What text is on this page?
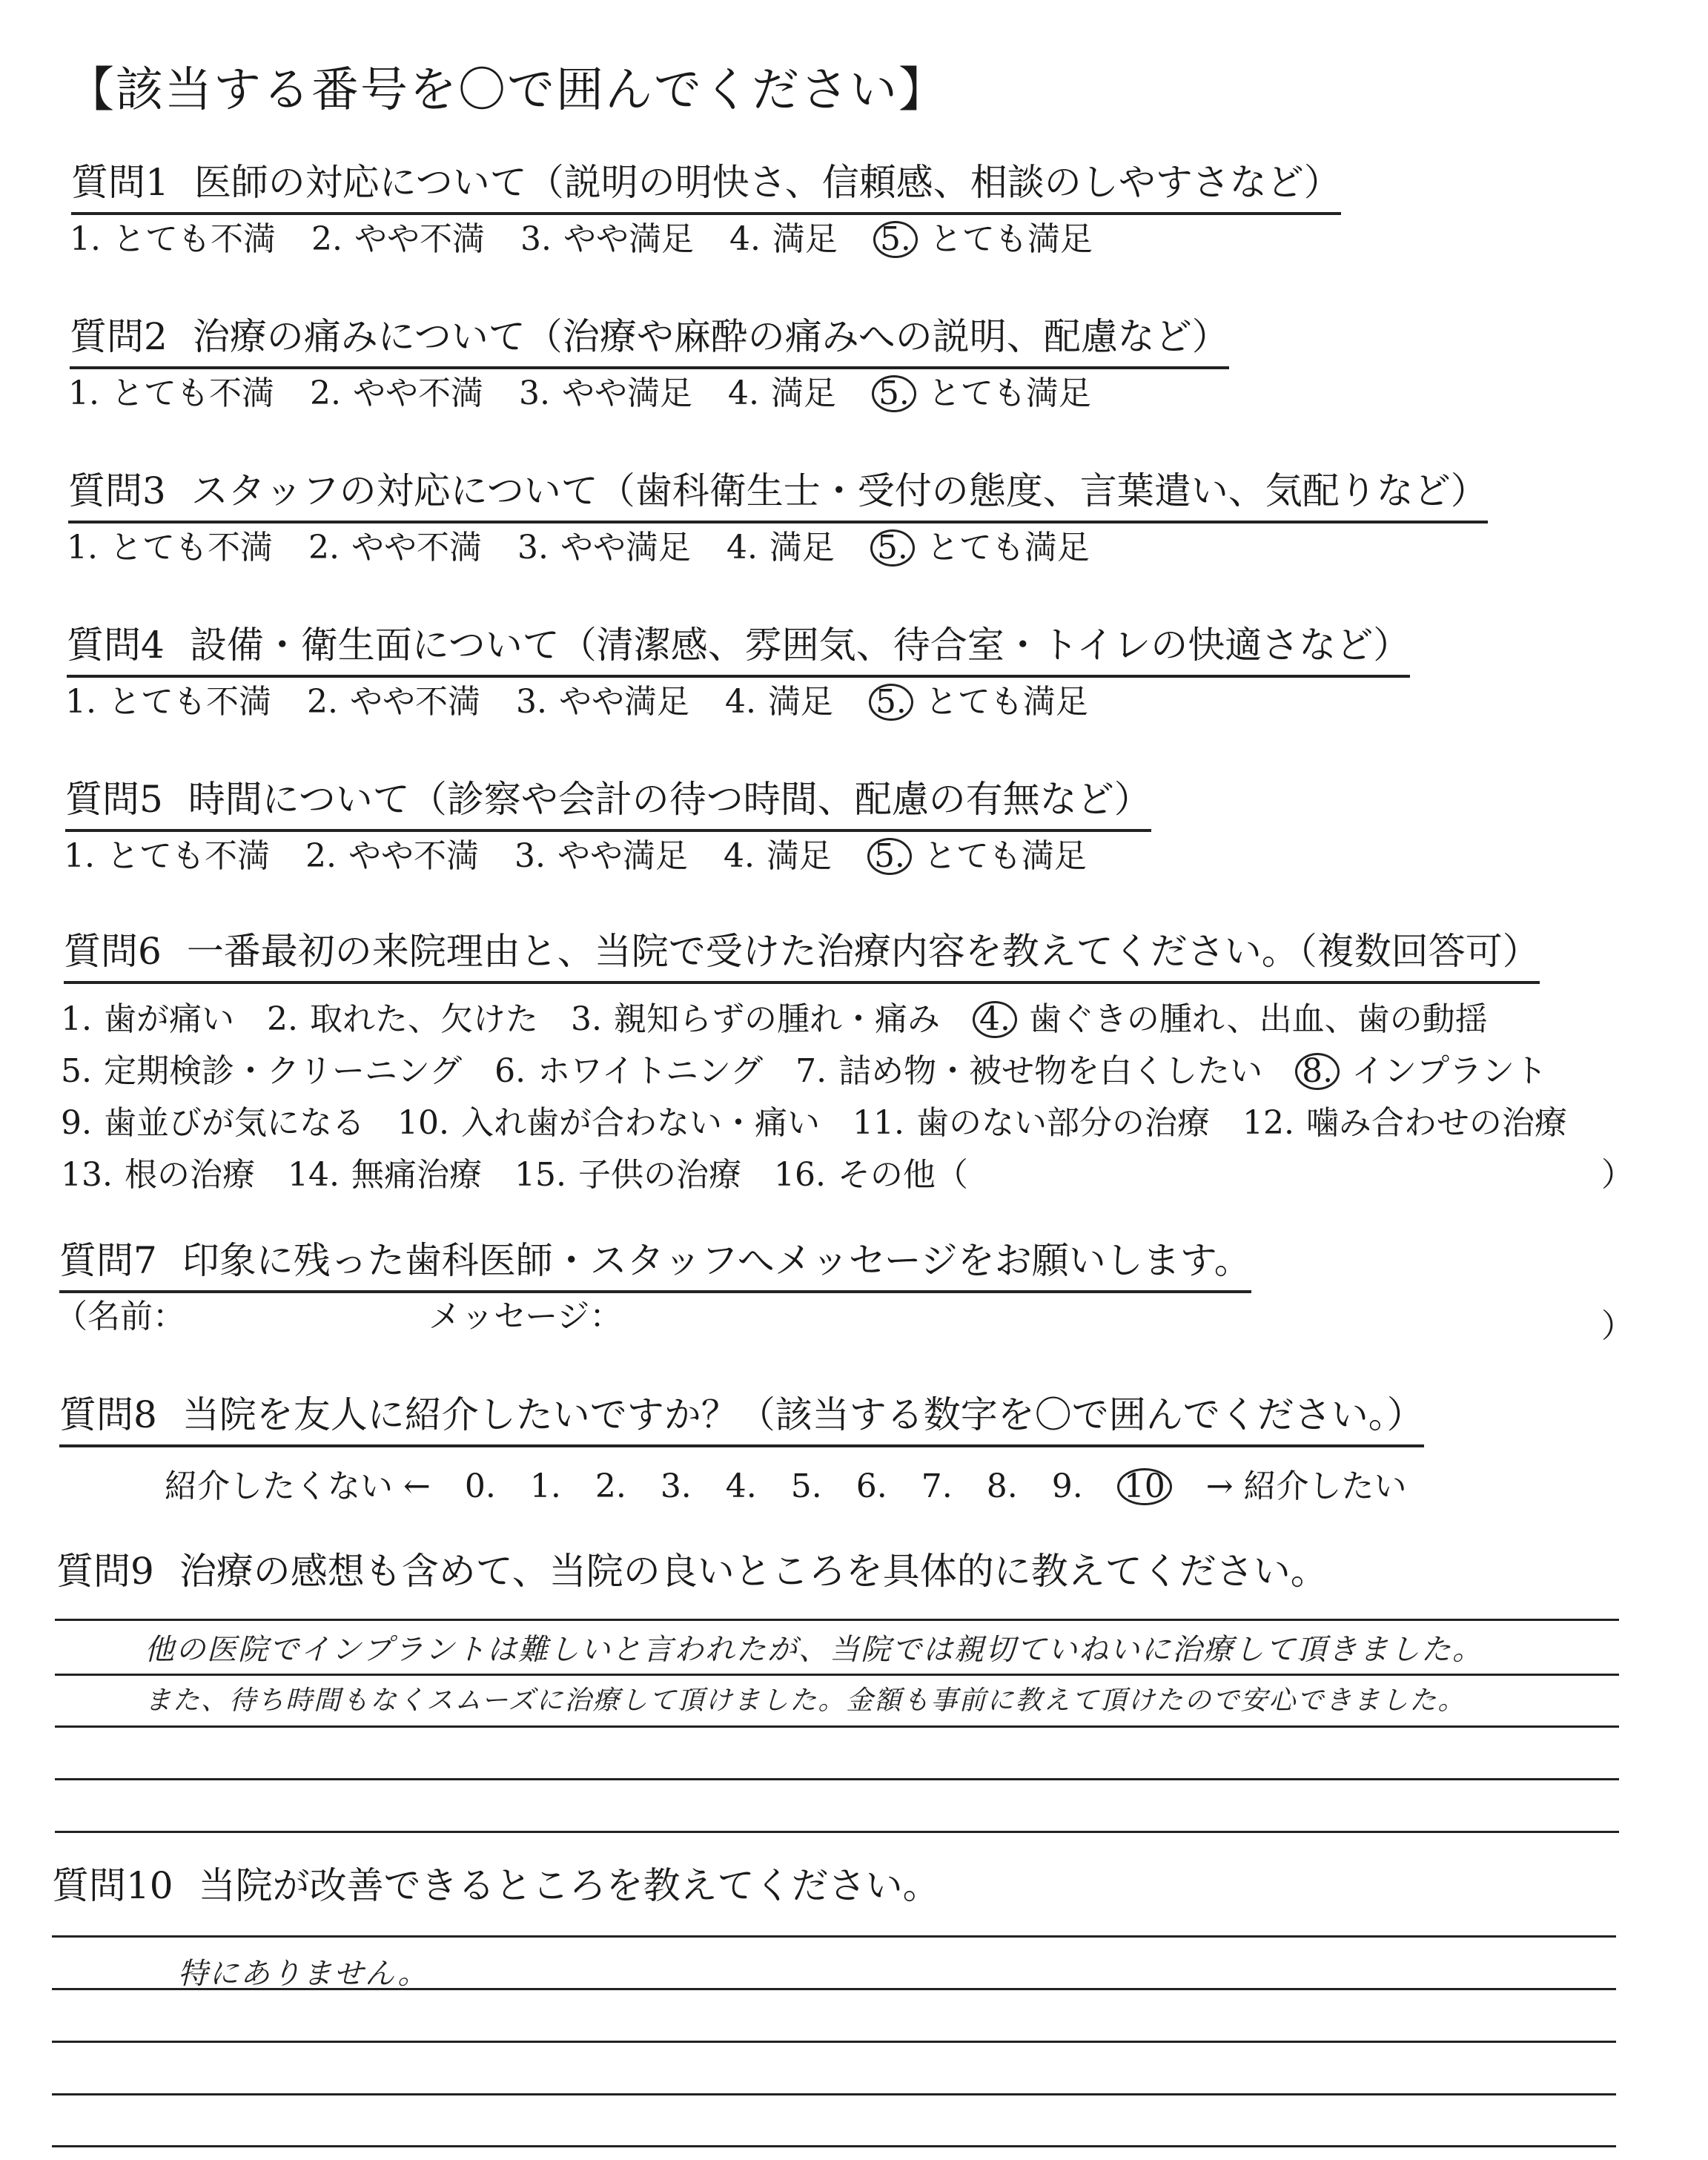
【該当する番号を〇で囲んでください】
質問1 医師の対応について（説明の明快さ、信頼感、相談のしやすさなど）
1. とても不満 2. やや不満 3. やや満足 4. 満足 5. とても満足
質問2 治療の痛みについて（治療や麻酔の痛みへの説明、配慮など）
1. とても不満 2. やや不満 3. やや満足 4. 満足 5. とても満足
質問3 スタッフの対応について（歯科衛生士・受付の態度、言葉遣い、気配りなど）
1. とても不満 2. やや不満 3. やや満足 4. 満足 5. とても満足
質問4 設備・衛生面について（清潔感、雰囲気、待合室・トイレの快適さなど）
1. とても不満 2. やや不満 3. やや満足 4. 満足 5. とても満足
質問5 時間について（診察や会計の待つ時間、配慮の有無など）
1. とても不満 2. やや不満 3. やや満足 4. 満足 5. とても満足
質問6 一番最初の来院理由と、当院で受けた治療内容を教えてください。（複数回答可）
1. 歯が痛い 2. 取れた、欠けた 3. 親知らずの腫れ・痛み 4. 歯ぐきの腫れ、出血、歯の動揺
5. 定期検診・クリーニング 6. ホワイトニング 7. 詰め物・被せ物を白くしたい 8. インプラント
9. 歯並びが気になる 10. 入れ歯が合わない・痛い 11. 歯のない部分の治療 12. 噛み合わせの治療
13. 根の治療 14. 無痛治療 15. 子供の治療 16. その他（	）
質問7 印象に残った歯科医師・スタッフへメッセージをお願いします。
（名前：	メッセージ：	）
質問8 当院を友人に紹介したいですか？（該当する数字を〇で囲んでください。）
紹介したくない ← 0. 1. 2. 3. 4. 5. 6. 7. 8. 9. 10 → 紹介したい
質問9 治療の感想も含めて、当院の良いところを具体的に教えてください。
他の医院でインプラントは難しいと言われたが、当院では親切ていねいに治療して頂きました。
また、待ち時間もなくスムーズに治療して頂けました。金額も事前に教えて頂けたので安心できました。
質問10 当院が改善できるところを教えてください。
特にありません。
